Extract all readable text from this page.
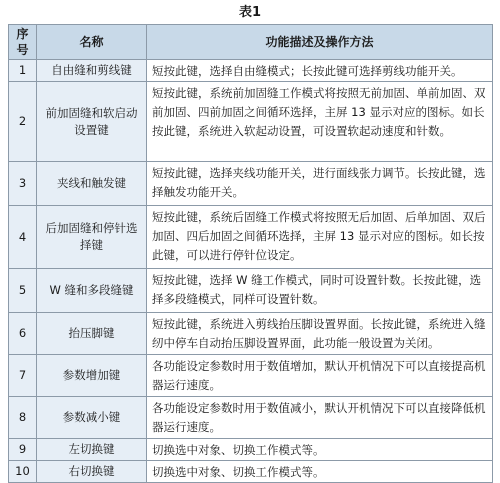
表1
序号	名称	功能描述及操作方法
1	自由缝和剪线键	短按此键，选择自由缝模式；长按此键可选择剪线功能开关。
2	前加固缝和软启动设置键	短按此键，系统前加固缝工作模式将按照无前加固、单前加固、双前加固、四前加固之间循环选择，主屏 13 显示对应的图标。如长按此键，系统进入软起动设置，可设置软起动速度和针数。
3	夹线和触发键	短按此键，选择夹线功能开关，进行面线张力调节。长按此键，选择触发功能开关。
4	后加固缝和停针选择键	短按此键，系统后固缝工作模式将按照无后加固、后单加固、双后加固、四后加固之间循环选择，主屏 13 显示对应的图标。如长按此键，可以进行停针位设定。
5	W 缝和多段缝键	短按此键，选择 W 缝工作模式，同时可设置针数。长按此键，选择多段缝模式，同样可设置针数。
6	抬压脚键	短按此键，系统进入剪线抬压脚设置界面。长按此键，系统进入缝纫中停车自动抬压脚设置界面，此功能一般设置为关闭。
7	参数增加键	各功能设定参数时用于数值增加，默认开机情况下可以直接提高机器运行速度。
8	参数减小键	各功能设定参数时用于数值减小，默认开机情况下可以直接降低机器运行速度。
9	左切换键	切换选中对象、切换工作模式等。
10	右切换键	切换选中对象、切换工作模式等。
